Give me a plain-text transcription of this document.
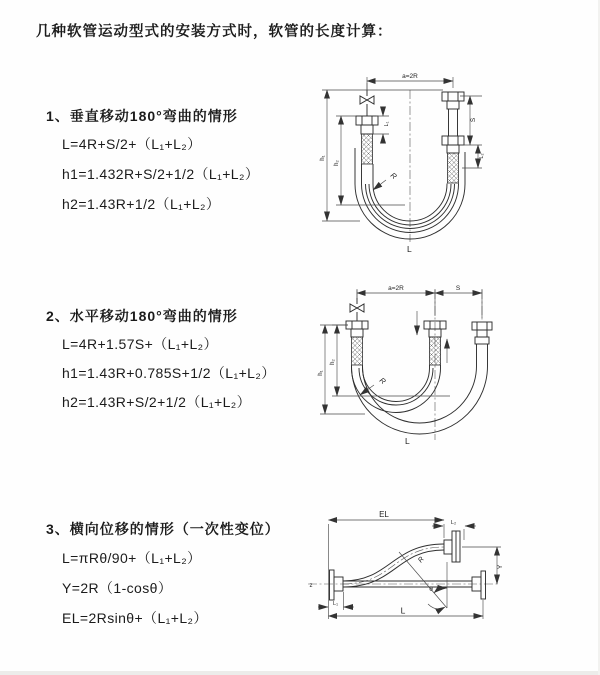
几种软管运动型式的安装方式时，软管的长度计算：
1、垂直移动180°弯曲的情形
L=4R+S/2+（L₁+L₂）
h1=1.432R+S/2+1/2（L₁+L₂）
h2=1.43R+1/2（L₁+L₂）
2、水平移动180°弯曲的情形
L=4R+1.57S+（L₁+L₂）
h1=1.43R+0.785S+1/2（L₁+L₂）
h2=1.43R+S/2+1/2（L₁+L₂）
3、横向位移的情形（一次性变位）
L=πRθ/90+（L₁+L₂）
Y=2R（1-cosθ）
EL=2Rsinθ+（L₁+L₂）
a=2R
S
L₂
L₁
h₂
h₁
R
L
a=2R	S
h₂
h₁
R
L
EL
L₂
L₁
Y
R
θ
L
z
